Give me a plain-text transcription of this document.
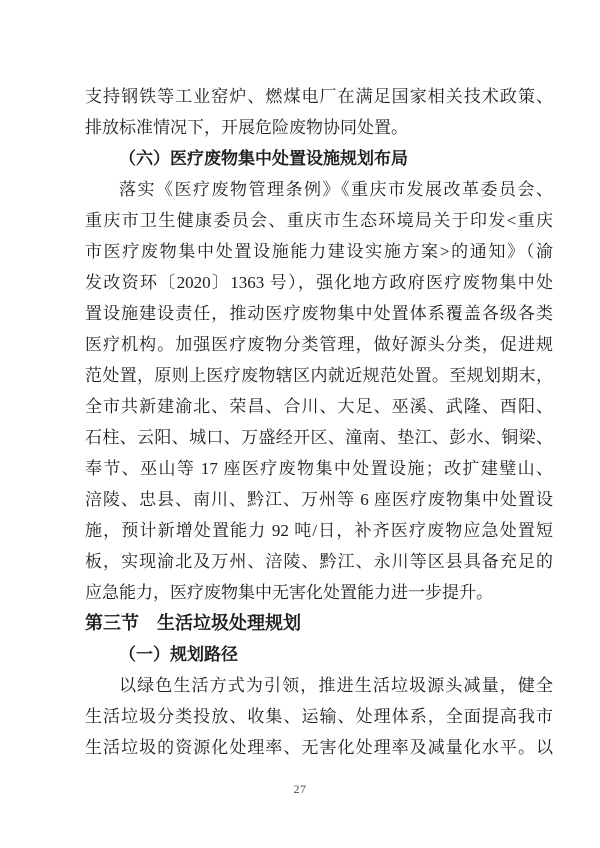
支持钢铁等工业窑炉、燃煤电厂在满足国家相关技术政策、
排放标准情况下，开展危险废物协同处置。
（六）医疗废物集中处置设施规划布局
落实《医疗废物管理条例》《重庆市发展改革委员会、
重庆市卫生健康委员会、重庆市生态环境局关于印发<重庆
市医疗废物集中处置设施能力建设实施方案>的通知》（渝
发改资环〔2020〕1363 号），强化地方政府医疗废物集中处
置设施建设责任，推动医疗废物集中处置体系覆盖各级各类
医疗机构。加强医疗废物分类管理，做好源头分类，促进规
范处置，原则上医疗废物辖区内就近规范处置。至规划期末，
全市共新建渝北、荣昌、合川、大足、巫溪、武隆、酉阳、
石柱、云阳、城口、万盛经开区、潼南、垫江、彭水、铜梁、
奉节、巫山等 17 座医疗废物集中处置设施；改扩建璧山、
涪陵、忠县、南川、黔江、万州等 6 座医疗废物集中处置设
施，预计新增处置能力 92 吨/日，补齐医疗废物应急处置短
板，实现渝北及万州、涪陵、黔江、永川等区县具备充足的
应急能力，医疗废物集中无害化处置能力进一步提升。
第三节　生活垃圾处理规划
（一）规划路径
以绿色生活方式为引领，推进生活垃圾源头减量，健全
生活垃圾分类投放、收集、运输、处理体系，全面提高我市
生活垃圾的资源化处理率、无害化处理率及减量化水平。以
27
